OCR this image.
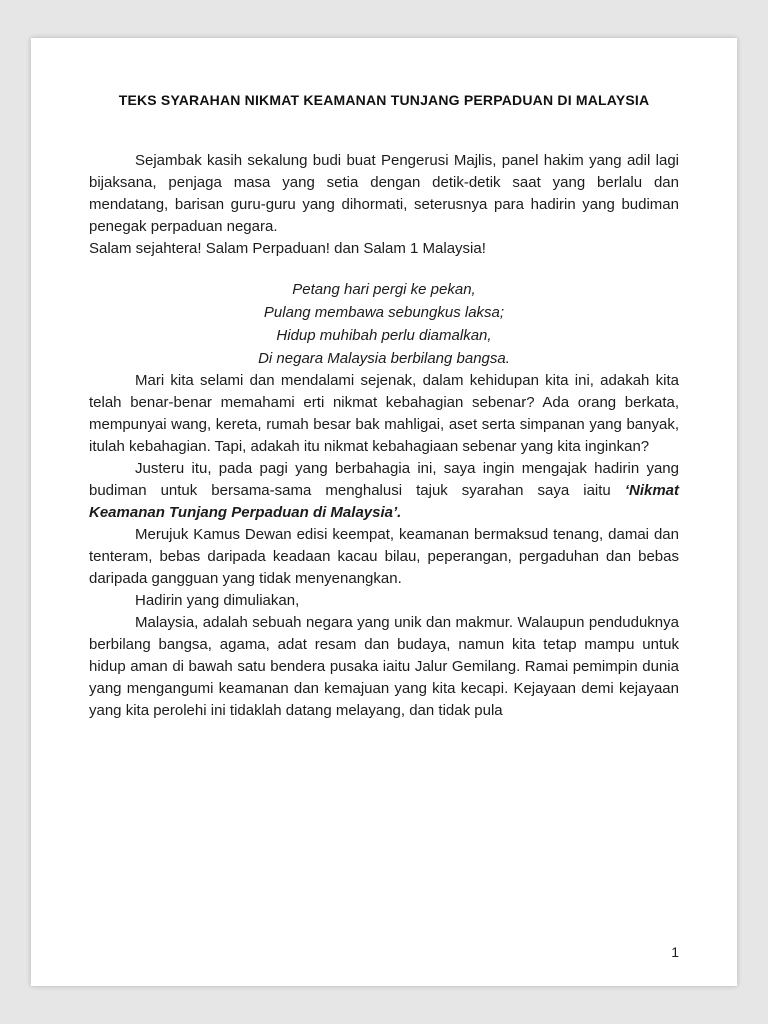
TEKS SYARAHAN NIKMAT KEAMANAN TUNJANG PERPADUAN DI MALAYSIA

Sejambak kasih sekalung budi buat Pengerusi Majlis, panel hakim yang adil lagi bijaksana, penjaga masa yang setia dengan detik-detik saat yang berlalu dan mendatang, barisan guru-guru yang dihormati, seterusnya para hadirin yang budiman penegak perpaduan negara.

Salam sejahtera! Salam Perpaduan! dan Salam 1 Malaysia!

Petang hari pergi ke pekan,
Pulang membawa sebungkus laksa;
Hidup muhibah perlu diamalkan,
Di negara Malaysia berbilang bangsa.

Mari kita selami dan mendalami sejenak, dalam kehidupan kita ini, adakah kita telah benar-benar memahami erti nikmat kebahagian sebenar? Ada orang berkata, mempunyai wang, kereta, rumah besar bak mahligai, aset serta simpanan yang banyak, itulah kebahagian. Tapi, adakah itu nikmat kebahagiaan sebenar yang kita inginkan?

Justeru itu, pada pagi yang berbahagia ini, saya ingin mengajak hadirin yang budiman untuk bersama-sama menghalusi tajuk syarahan saya iaitu ‘Nikmat Keamanan Tunjang Perpaduan di Malaysia’.

Merujuk Kamus Dewan edisi keempat, keamanan bermaksud tenang, damai dan tenteram, bebas daripada keadaan kacau bilau, peperangan, pergaduhan dan bebas daripada gangguan yang tidak menyenangkan.

Hadirin yang dimuliakan,

Malaysia, adalah sebuah negara yang unik dan makmur. Walaupun penduduknya berbilang bangsa, agama, adat resam dan budaya, namun kita tetap mampu untuk hidup aman di bawah satu bendera pusaka iaitu Jalur Gemilang. Ramai pemimpin dunia yang mengangumi keamanan dan kemajuan yang kita kecapi. Kejayaan demi kejayaan yang kita perolehi ini tidaklah datang melayang, dan tidak pula

1
